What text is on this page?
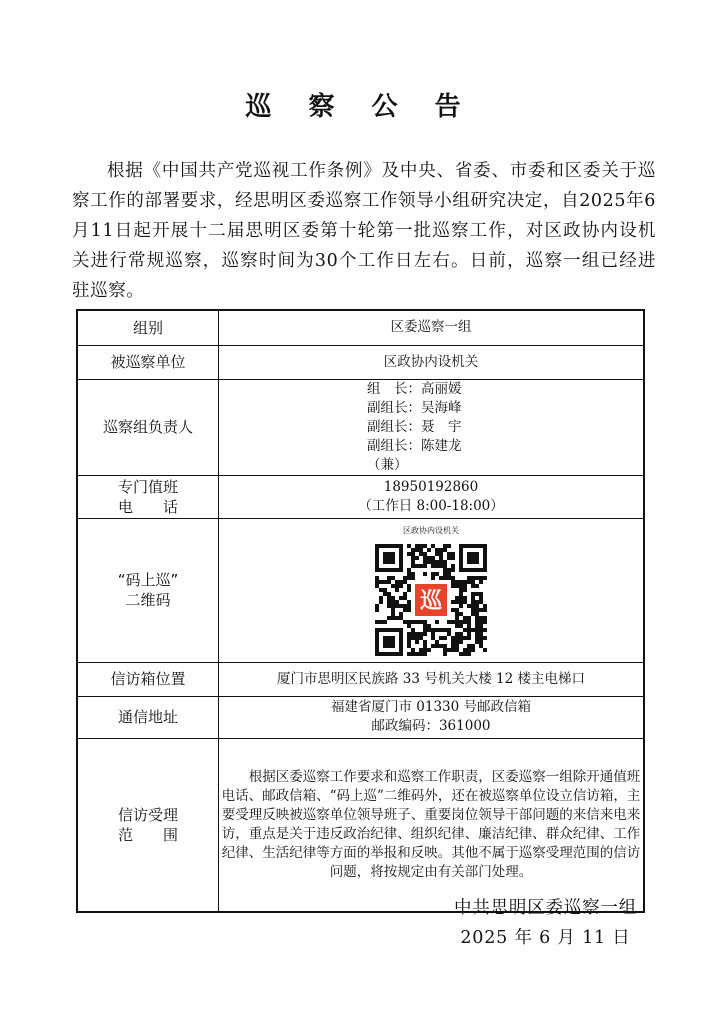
巡 察 公 告
根据《中国共产党巡视工作条例》及中央、省委、市委和区委关于巡察工作的部署要求，经思明区委巡察工作领导小组研究决定，自2025年6月11日起开展十二届思明区委第十轮第一批巡察工作，对区政协内设机关进行常规巡察，巡察时间为30个工作日左右。日前，巡察一组已经进驻巡察。
组别	区委巡察一组
被巡察单位	区政协内设机关
巡察组负责人	组　长：高丽媛
副组长：吴海峰
副组长：聂　宇
副组长：陈建龙（兼）

专门值班
电　　话	18950192860
（工作日 8:00-18:00）

“码上巡”
二维码	区政协内设机关
巡

信访箱位置	厦门市思明区民族路 33 号机关大楼 12 楼主电梯口
通信地址	福建省厦门市 01330 号邮政信箱
邮政编码：361000

信访受理
范　　围	根据区委巡察工作要求和巡察工作职责，区委巡察一组除开通值班电话、邮政信箱、“码上巡”二维码外，还在被巡察单位设立信访箱，主要受理反映被巡察单位领导班子、重要岗位领导干部问题的来信来电来访，重点是关于违反政治纪律、组织纪律、廉洁纪律、群众纪律、工作纪律、生活纪律等方面的举报和反映。其他不属于巡察受理范围的信访问题，将按规定由有关部门处理。
中共思明区委巡察一组
2025 年 6 月 11 日
